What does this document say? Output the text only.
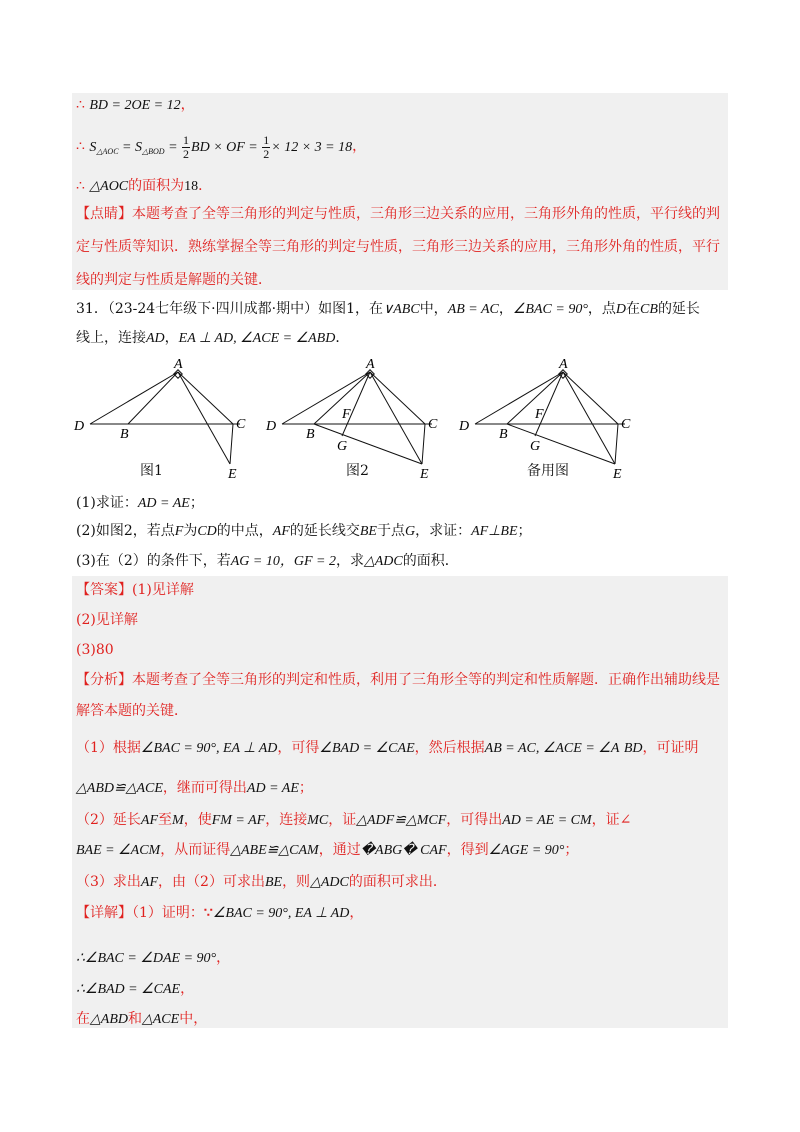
∴ BD = 2OE = 12，
∴ $S_{\triangle AOC} = S_{\triangle BOD} = \frac{1}{2}$ BD × OF = $\frac{1}{2} \times 12 \times 3 = 18$，
∴ △AOC的面积为18．
【点睛】本题考查了全等三角形的判定与性质，三角形三边关系的应用，三角形外角的性质，平行线的判
定与性质等知识．熟练掌握全等三角形的判定与性质，三角形三边关系的应用，三角形外角的性质，平行
线的判定与性质是解题的关键．
31．（23-24七年级下·四川成都·期中）如图1，在∨ABC中，AB = AC，∠BAC = 90°，点D在CB的延长
线上，连接AD，EA ⊥ AD, ∠ACE = ∠ABD．
A
D
B
C
E
图1
A
D
B
F
G
C
E
图2
A
D
B
F
G
C
E
备用图
(1)求证：AD = AE；
(2)如图2，若点F为CD的中点，AF的延长线交BE于点G，求证：AF⊥BE；
(3)在（2）的条件下，若AG = 10，GF = 2，求△ADC的面积．
【答案】(1)见详解
(2)见详解
(3)80
【分析】本题考查了全等三角形的判定和性质，利用了三角形全等的判定和性质解题．正确作出辅助线是
解答本题的关键．
（1）根据∠BAC = 90°, EA ⊥ AD，可得∠BAD = ∠CAE，然后根据AB = AC, ∠ACE = ∠A BD，可证明
△ABD≌△ACE，继而可得出AD = AE；
（2）延长AF至M，使FM = AF，连接MC，证△ADF≌△MCF，可得出AD = AE = CM，证∠
BAE = ∠ACM，从而证得△ABE≌△CAM，通过�ABG� CAF，得到∠AGE = 90°；
（3）求出AF，由（2）可求出BE，则△ADC的面积可求出．
【详解】（1）证明：∵∠BAC = 90°, EA ⊥ AD，
∴∠BAC = ∠DAE = 90°，
∴∠BAD = ∠CAE，
在△ABD和△ACE中，
